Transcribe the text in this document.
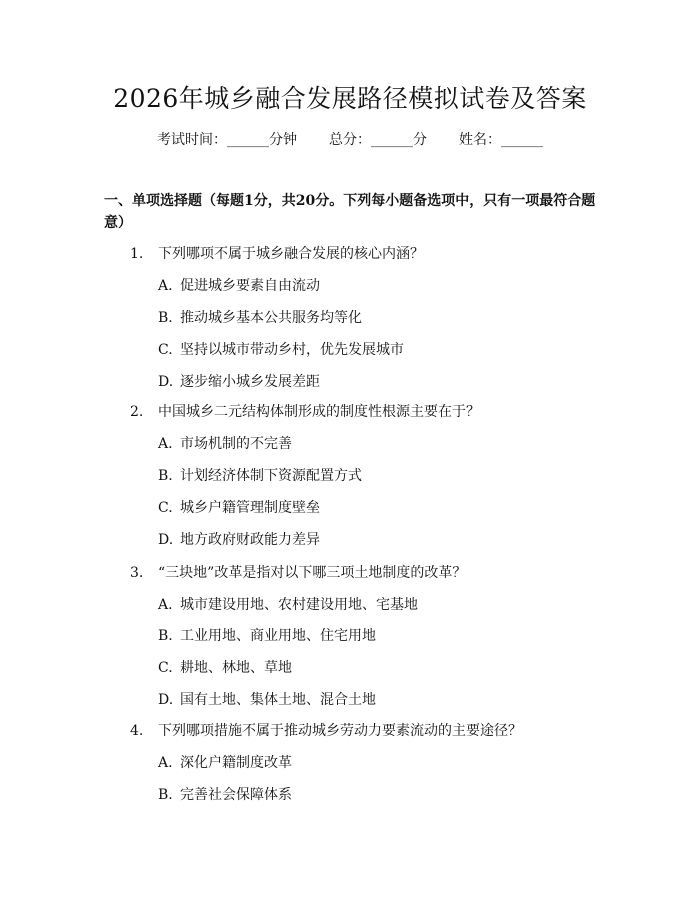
2026年城乡融合发展路径模拟试卷及答案
考试时间：______分钟 总分：______分 姓名：______
一、单项选择题（每题1分，共20分。下列每小题备选项中，只有一项最符合题意）
1. 下列哪项不属于城乡融合发展的核心内涵？
A. 促进城乡要素自由流动
B. 推动城乡基本公共服务均等化
C. 坚持以城市带动乡村，优先发展城市
D. 逐步缩小城乡发展差距
2. 中国城乡二元结构体制形成的制度性根源主要在于？
A. 市场机制的不完善
B. 计划经济体制下资源配置方式
C. 城乡户籍管理制度壁垒
D. 地方政府财政能力差异
3. “三块地”改革是指对以下哪三项土地制度的改革？
A. 城市建设用地、农村建设用地、宅基地
B. 工业用地、商业用地、住宅用地
C. 耕地、林地、草地
D. 国有土地、集体土地、混合土地
4. 下列哪项措施不属于推动城乡劳动力要素流动的主要途径？
A. 深化户籍制度改革
B. 完善社会保障体系
